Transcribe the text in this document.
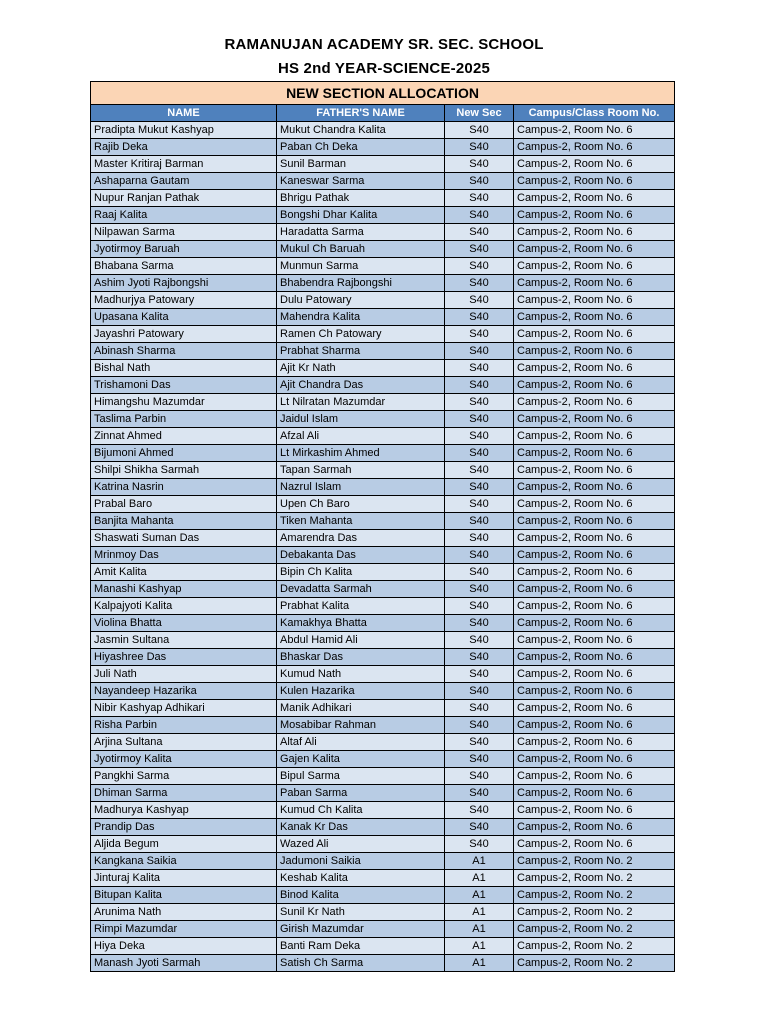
RAMANUJAN ACADEMY SR. SEC. SCHOOL
HS 2nd YEAR-SCIENCE-2025
NEW SECTION ALLOCATION			
NAME	FATHER'S NAME	New Sec	Campus/Class Room No.
Pradipta Mukut Kashyap	Mukut Chandra Kalita	S40	Campus-2, Room No. 6
Rajib Deka	Paban Ch Deka	S40	Campus-2, Room No. 6
Master Kritiraj Barman	Sunil Barman	S40	Campus-2, Room No. 6
Ashaparna Gautam	Kaneswar Sarma	S40	Campus-2, Room No. 6
Nupur Ranjan Pathak	Bhrigu Pathak	S40	Campus-2, Room No. 6
Raaj Kalita	Bongshi Dhar Kalita	S40	Campus-2, Room No. 6
Nilpawan Sarma	Haradatta Sarma	S40	Campus-2, Room No. 6
Jyotirmoy Baruah	Mukul Ch Baruah	S40	Campus-2, Room No. 6
Bhabana Sarma	Munmun Sarma	S40	Campus-2, Room No. 6
Ashim Jyoti Rajbongshi	Bhabendra Rajbongshi	S40	Campus-2, Room No. 6
Madhurjya Patowary	Dulu Patowary	S40	Campus-2, Room No. 6
Upasana Kalita	Mahendra Kalita	S40	Campus-2, Room No. 6
Jayashri Patowary	Ramen Ch Patowary	S40	Campus-2, Room No. 6
Abinash Sharma	Prabhat Sharma	S40	Campus-2, Room No. 6
Bishal Nath	Ajit Kr Nath	S40	Campus-2, Room No. 6
Trishamoni Das	Ajit Chandra Das	S40	Campus-2, Room No. 6
Himangshu Mazumdar	Lt Nilratan Mazumdar	S40	Campus-2, Room No. 6
Taslima Parbin	Jaidul Islam	S40	Campus-2, Room No. 6
Zinnat Ahmed	Afzal Ali	S40	Campus-2, Room No. 6
Bijumoni Ahmed	Lt Mirkashim Ahmed	S40	Campus-2, Room No. 6
Shilpi Shikha Sarmah	Tapan Sarmah	S40	Campus-2, Room No. 6
Katrina Nasrin	Nazrul Islam	S40	Campus-2, Room No. 6
Prabal Baro	Upen Ch Baro	S40	Campus-2, Room No. 6
Banjita Mahanta	Tiken Mahanta	S40	Campus-2, Room No. 6
Shaswati Suman Das	Amarendra Das	S40	Campus-2, Room No. 6
Mrinmoy Das	Debakanta Das	S40	Campus-2, Room No. 6
Amit Kalita	Bipin Ch Kalita	S40	Campus-2, Room No. 6
Manashi Kashyap	Devadatta Sarmah	S40	Campus-2, Room No. 6
Kalpajyoti Kalita	Prabhat Kalita	S40	Campus-2, Room No. 6
Violina Bhatta	Kamakhya Bhatta	S40	Campus-2, Room No. 6
Jasmin Sultana	Abdul Hamid Ali	S40	Campus-2, Room No. 6
Hiyashree Das	Bhaskar Das	S40	Campus-2, Room No. 6
Juli Nath	Kumud Nath	S40	Campus-2, Room No. 6
Nayandeep Hazarika	Kulen Hazarika	S40	Campus-2, Room No. 6
Nibir Kashyap Adhikari	Manik Adhikari	S40	Campus-2, Room No. 6
Risha Parbin	Mosabibar Rahman	S40	Campus-2, Room No. 6
Arjina Sultana	Altaf Ali	S40	Campus-2, Room No. 6
Jyotirmoy Kalita	Gajen Kalita	S40	Campus-2, Room No. 6
Pangkhi Sarma	Bipul Sarma	S40	Campus-2, Room No. 6
Dhiman Sarma	Paban Sarma	S40	Campus-2, Room No. 6
Madhurya Kashyap	Kumud Ch Kalita	S40	Campus-2, Room No. 6
Prandip Das	Kanak Kr Das	S40	Campus-2, Room No. 6
Aljida Begum	Wazed Ali	S40	Campus-2, Room No. 6
Kangkana Saikia	Jadumoni Saikia	A1	Campus-2, Room No. 2
Jinturaj Kalita	Keshab Kalita	A1	Campus-2, Room No. 2
Bitupan Kalita	Binod Kalita	A1	Campus-2, Room No. 2
Arunima Nath	Sunil Kr Nath	A1	Campus-2, Room No. 2
Rimpi Mazumdar	Girish Mazumdar	A1	Campus-2, Room No. 2
Hiya Deka	Banti Ram Deka	A1	Campus-2, Room No. 2
Manash Jyoti Sarmah	Satish Ch Sarma	A1	Campus-2, Room No. 2
